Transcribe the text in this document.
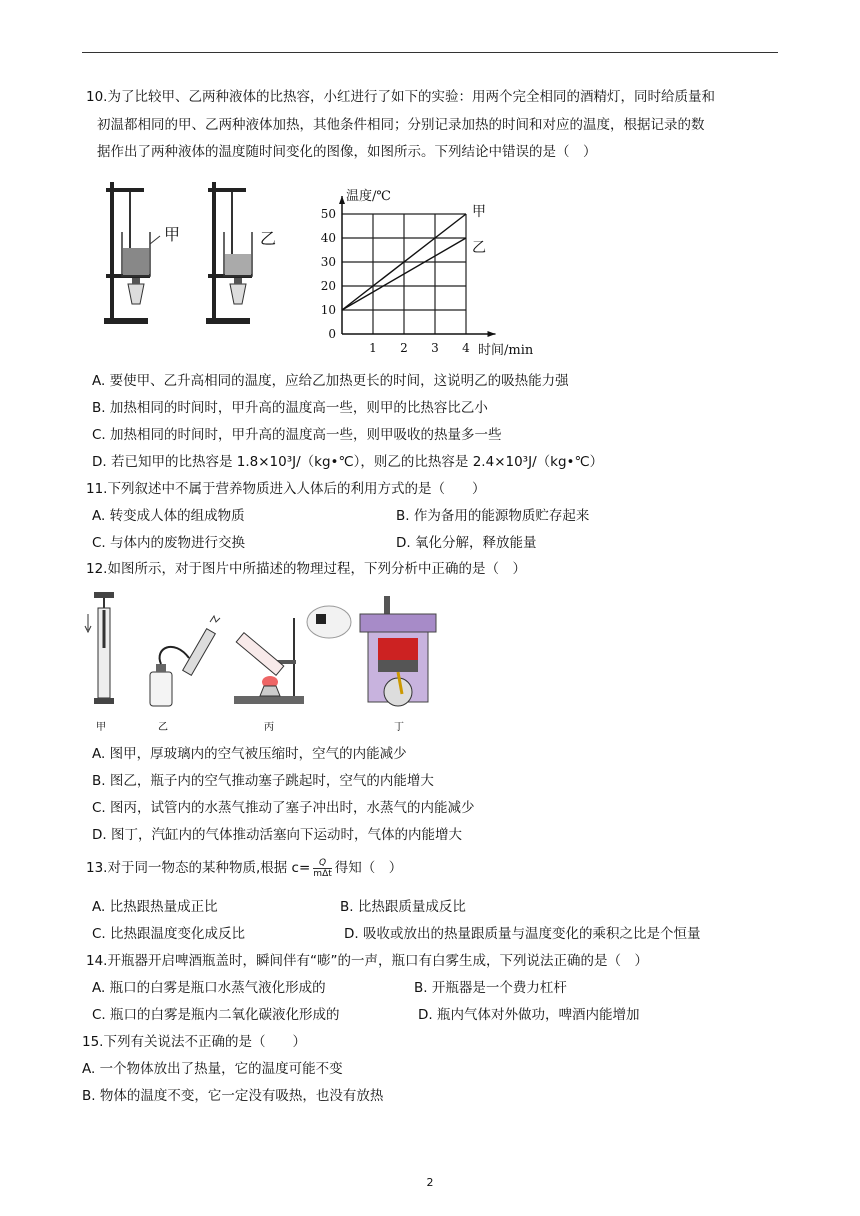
10.为了比较甲、乙两种液体的比热容，小红进行了如下的实验：用两个完全相同的酒精灯，同时给质量和
初温都相同的甲、乙两种液体加热，其他条件相同；分别记录加热的时间和对应的温度，根据记录的数
据作出了两种液体的温度随时间变化的图像，如图所示。下列结论中错误的是（　）
甲	乙
0
10
20
30
40
50
1 2 3 4
温度/℃
时间/min
甲
乙
A. 要使甲、乙升高相同的温度，应给乙加热更长的时间，这说明乙的吸热能力强
B. 加热相同的时间时，甲升高的温度高一些，则甲的比热容比乙小
C. 加热相同的时间时，甲升高的温度高一些，则甲吸收的热量多一些
D. 若已知甲的比热容是 1.8×10³J/（kg•℃），则乙的比热容是 2.4×10³J/（kg•℃）
11.下列叙述中不属于营养物质进入人体后的利用方式的是（　　）
A. 转变成人体的组成物质	B. 作为备用的能源物质贮存起来
C. 与体内的废物进行交换	D. 氧化分解，释放能量
12.如图所示，对于图片中所描述的物理过程，下列分析中正确的是（　）
甲	乙	丙	丁
A. 图甲，厚玻璃内的空气被压缩时，空气的内能减少
B. 图乙，瓶子内的空气推动塞子跳起时，空气的内能增大
C. 图丙，试管内的水蒸气推动了塞子冲出时，水蒸气的内能减少
D. 图丁，汽缸内的气体推动活塞向下运动时，气体的内能增大
13.对于同一物态的某种物质,根据 $c= \frac{Q}{\text{mΔt}}$ 得知（　）
A. 比热跟热量成正比	B. 比热跟质量成反比
C. 比热跟温度变化成反比	D. 吸收或放出的热量跟质量与温度变化的乘积之比是个恒量
14.开瓶器开启啤酒瓶盖时，瞬间伴有“嘭”的一声，瓶口有白雾生成，下列说法正确的是（　）
A. 瓶口的白雾是瓶口水蒸气液化形成的	B. 开瓶器是一个费力杠杆
C. 瓶口的白雾是瓶内二氧化碳液化形成的	D. 瓶内气体对外做功，啤酒内能增加
15.下列有关说法不正确的是（　　）
A. 一个物体放出了热量，它的温度可能不变
B. 物体的温度不变，它一定没有吸热，也没有放热
2
